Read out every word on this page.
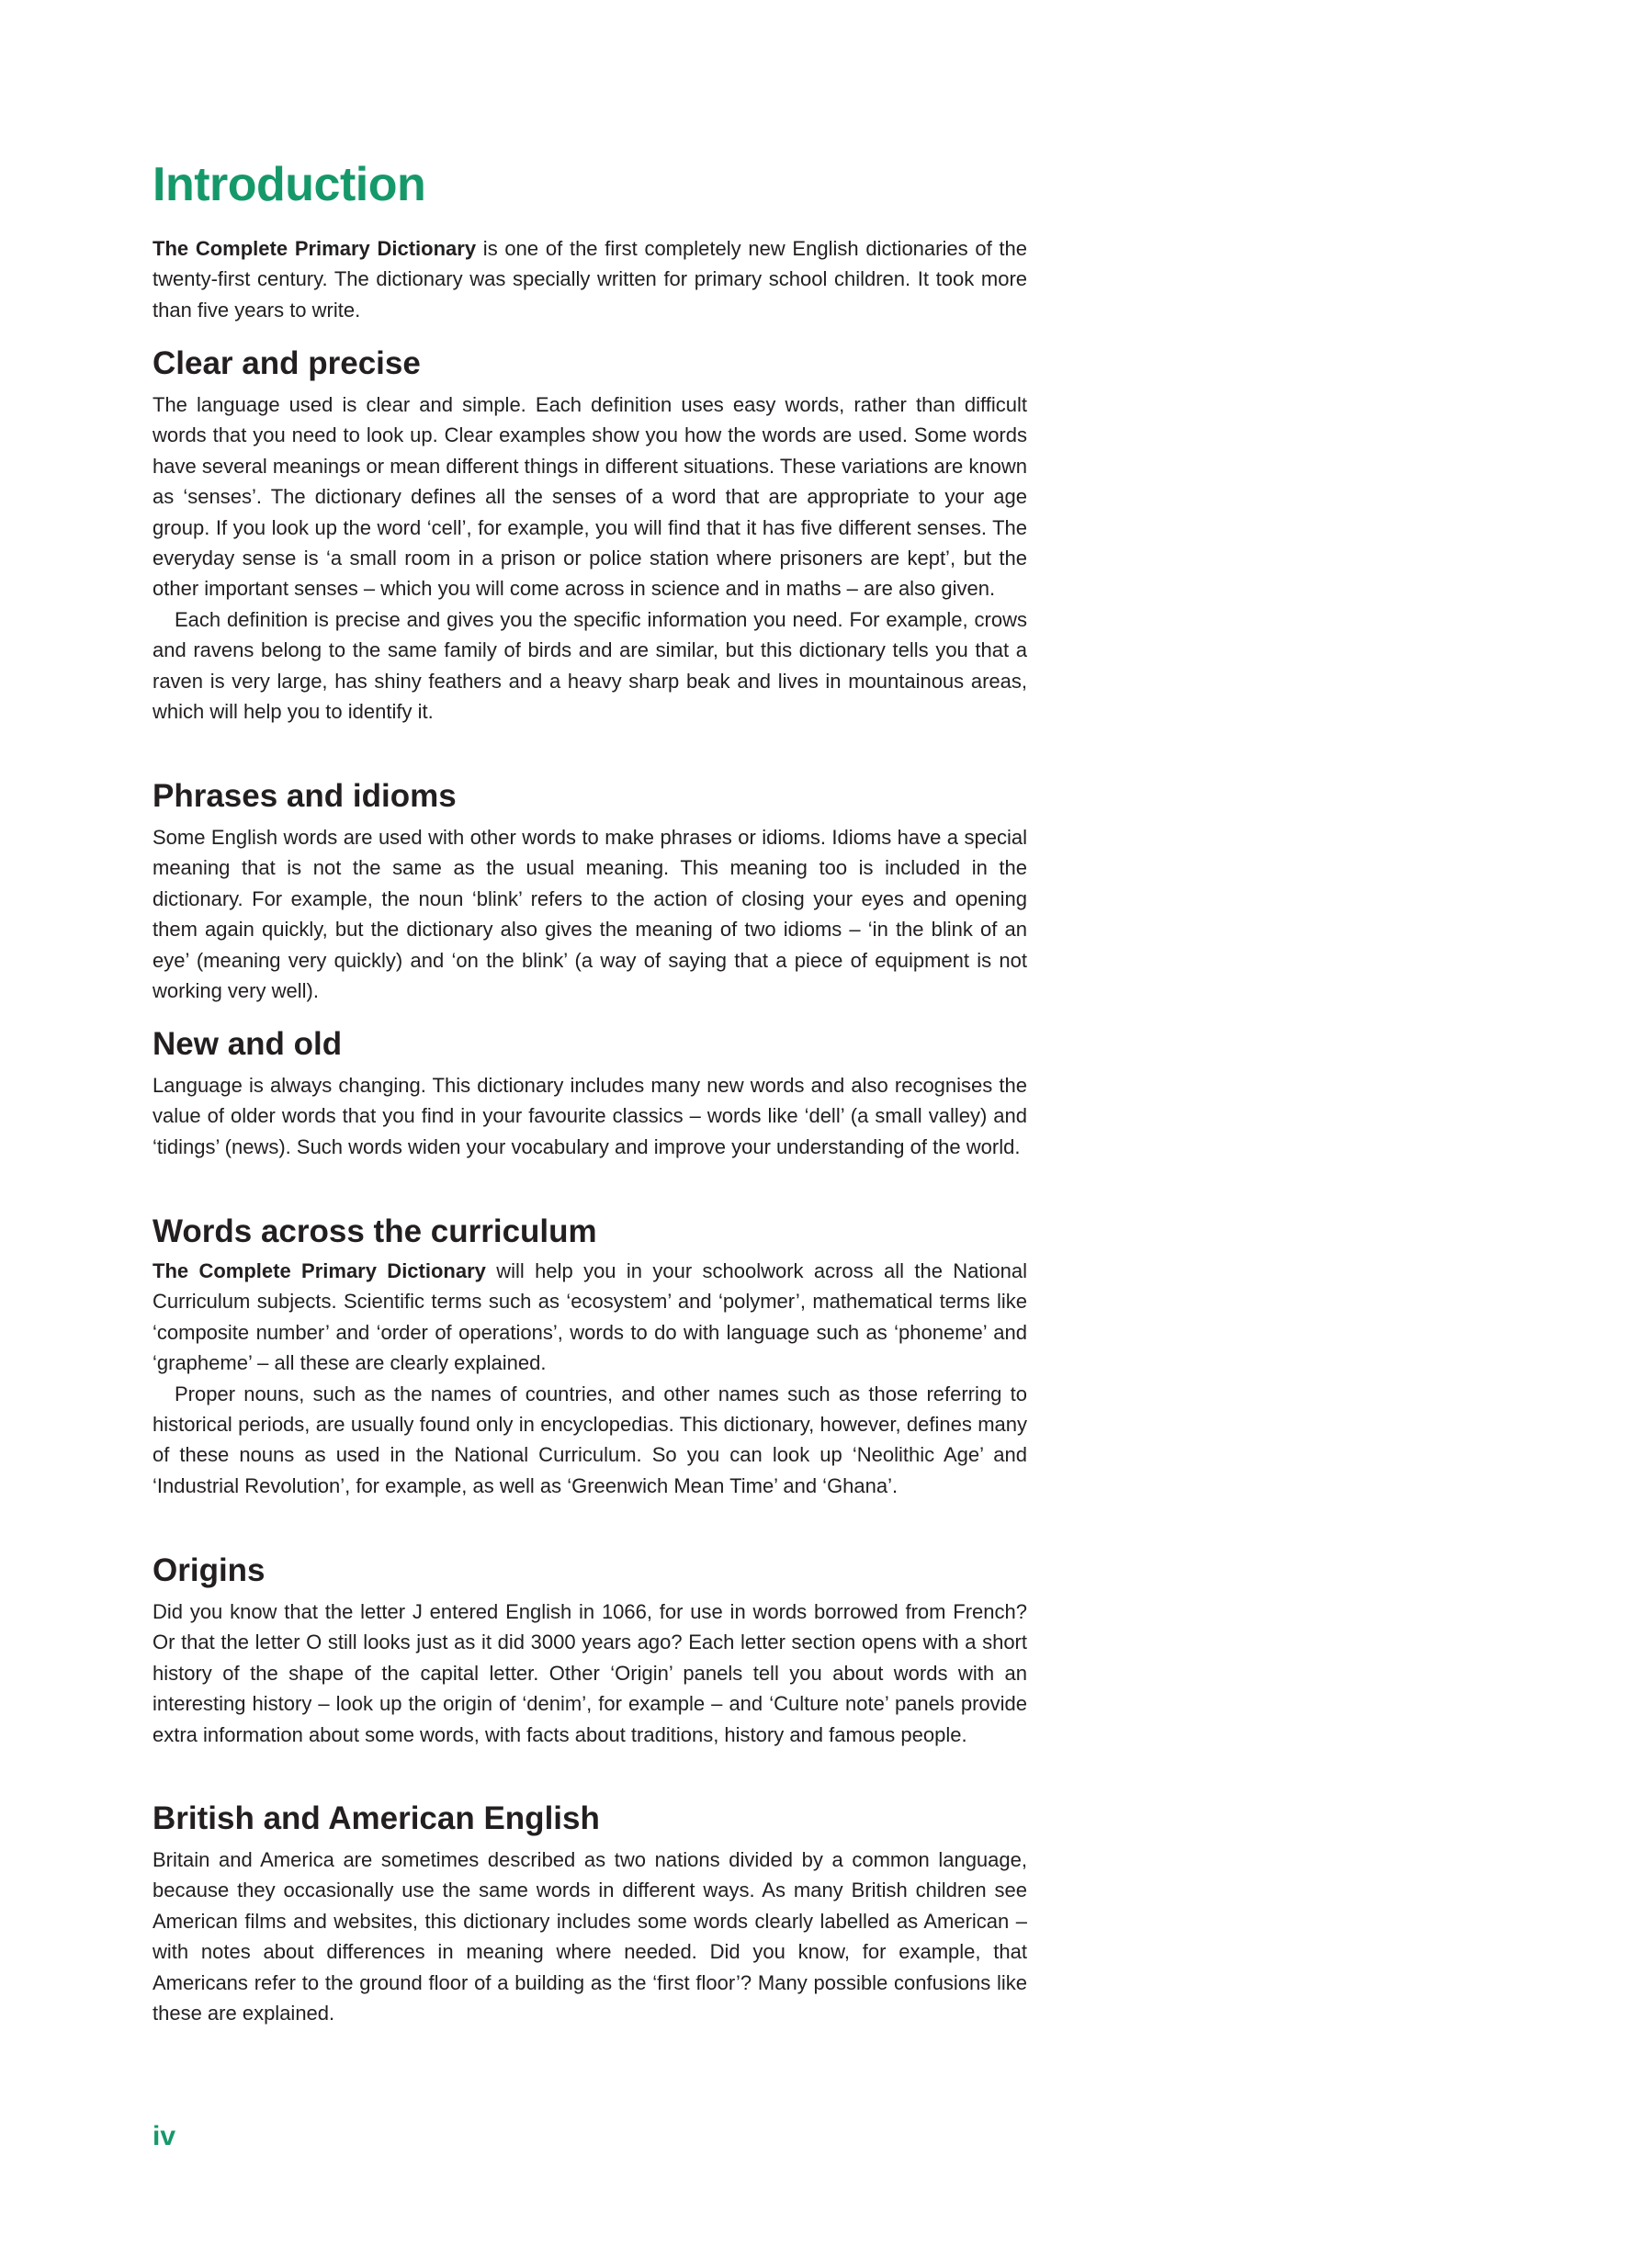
Introduction

The Complete Primary Dictionary is one of the first completely new English dictionaries of the twenty-first century. The dictionary was specially written for primary school children. It took more than five years to write.

Clear and precise

The language used is clear and simple. Each definition uses easy words, rather than difficult words that you need to look up. Clear examples show you how the words are used. Some words have several meanings or mean different things in different situations. These variations are known as ‘senses’. The dictionary defines all the senses of a word that are appropriate to your age group. If you look up the word ‘cell’, for example, you will find that it has five different senses. The everyday sense is ‘a small room in a prison or police station where prisoners are kept’, but the other important senses – which you will come across in science and in maths – are also given.

Each definition is precise and gives you the specific information you need. For example, crows and ravens belong to the same family of birds and are similar, but this dictionary tells you that a raven is very large, has shiny feathers and a heavy sharp beak and lives in mountainous areas, which will help you to identify it.

Phrases and idioms

Some English words are used with other words to make phrases or idioms. Idioms have a special meaning that is not the same as the usual meaning. This meaning too is included in the dictionary. For example, the noun ‘blink’ refers to the action of closing your eyes and opening them again quickly, but the dictionary also gives the meaning of two idioms – ‘in the blink of an eye’ (meaning very quickly) and ‘on the blink’ (a way of saying that a piece of equipment is not working very well).

New and old

Language is always changing. This dictionary includes many new words and also recognises the value of older words that you find in your favourite classics – words like ‘dell’ (a small valley) and ‘tidings’ (news). Such words widen your vocabulary and improve your understanding of the world.

Words across the curriculum

The Complete Primary Dictionary will help you in your schoolwork across all the National Curriculum subjects. Scientific terms such as ‘ecosystem’ and ‘polymer’, mathematical terms like ‘composite number’ and ‘order of operations’, words to do with language such as ‘phoneme’ and ‘grapheme’ – all these are clearly explained.

Proper nouns, such as the names of countries, and other names such as those referring to historical periods, are usually found only in encyclopedias. This dictionary, however, defines many of these nouns as used in the National Curriculum. So you can look up ‘Neolithic Age’ and ‘Industrial Revolution’, for example, as well as ‘Greenwich Mean Time’ and ‘Ghana’.

Origins

Did you know that the letter J entered English in 1066, for use in words borrowed from French? Or that the letter O still looks just as it did 3000 years ago? Each letter section opens with a short history of the shape of the capital letter. Other ‘Origin’ panels tell you about words with an interesting history – look up the origin of ‘denim’, for example – and ‘Culture note’ panels provide extra information about some words, with facts about traditions, history and famous people.

British and American English

Britain and America are sometimes described as two nations divided by a common language, because they occasionally use the same words in different ways. As many British children see American films and websites, this dictionary includes some words clearly labelled as American – with notes about differences in meaning where needed. Did you know, for example, that Americans refer to the ground floor of a building as the ‘first floor’? Many possible confusions like these are explained.

iv
